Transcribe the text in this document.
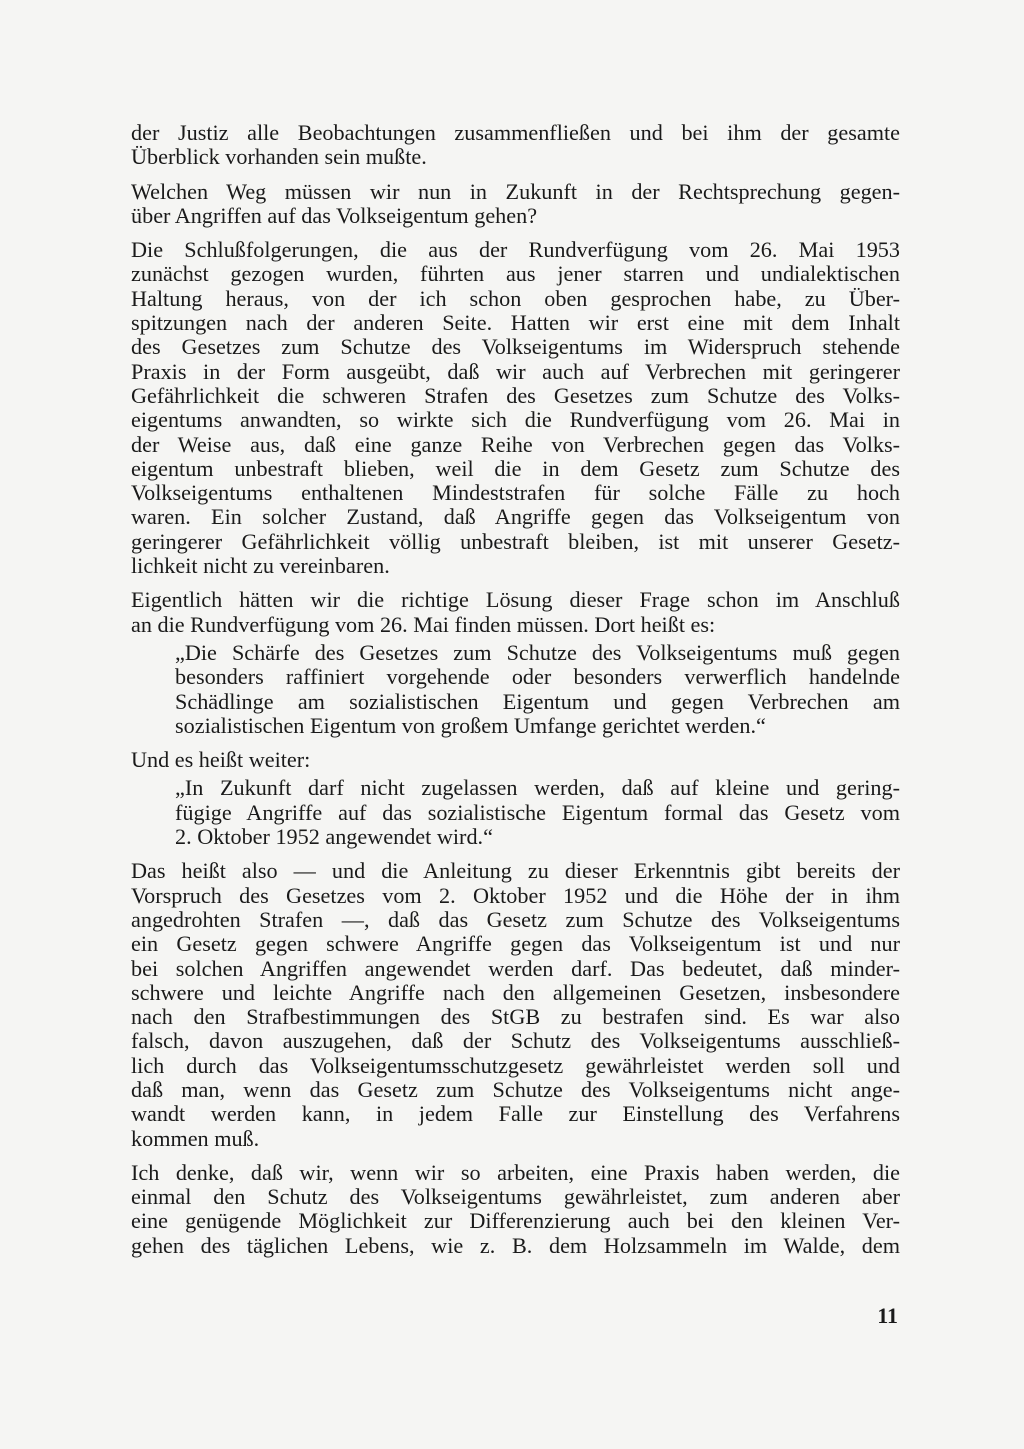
der Justiz alle Beobachtungen zusammenfließen und bei ihm der gesamte
Überblick vorhanden sein mußte.
Welchen Weg müssen wir nun in Zukunft in der Rechtsprechung gegen-
über Angriffen auf das Volkseigentum gehen?
Die Schlußfolgerungen, die aus der Rundverfügung vom 26. Mai 1953
zunächst gezogen wurden, führten aus jener starren und undialektischen
Haltung heraus, von der ich schon oben gesprochen habe, zu Über-
spitzungen nach der anderen Seite. Hatten wir erst eine mit dem Inhalt
des Gesetzes zum Schutze des Volkseigentums im Widerspruch stehende
Praxis in der Form ausgeübt, daß wir auch auf Verbrechen mit geringerer
Gefährlichkeit die schweren Strafen des Gesetzes zum Schutze des Volks-
eigentums anwandten, so wirkte sich die Rundverfügung vom 26. Mai in
der Weise aus, daß eine ganze Reihe von Verbrechen gegen das Volks-
eigentum unbestraft blieben, weil die in dem Gesetz zum Schutze des
Volkseigentums enthaltenen Mindeststrafen für solche Fälle zu hoch
waren. Ein solcher Zustand, daß Angriffe gegen das Volkseigentum von
geringerer Gefährlichkeit völlig unbestraft bleiben, ist mit unserer Gesetz-
lichkeit nicht zu vereinbaren.
Eigentlich hätten wir die richtige Lösung dieser Frage schon im Anschluß
an die Rundverfügung vom 26. Mai finden müssen. Dort heißt es:
„Die Schärfe des Gesetzes zum Schutze des Volkseigentums muß gegen
besonders raffiniert vorgehende oder besonders verwerflich handelnde
Schädlinge am sozialistischen Eigentum und gegen Verbrechen am
sozialistischen Eigentum von großem Umfange gerichtet werden.“
Und es heißt weiter:
„In Zukunft darf nicht zugelassen werden, daß auf kleine und gering-
fügige Angriffe auf das sozialistische Eigentum formal das Gesetz vom
2. Oktober 1952 angewendet wird.“
Das heißt also — und die Anleitung zu dieser Erkenntnis gibt bereits der
Vorspruch des Gesetzes vom 2. Oktober 1952 und die Höhe der in ihm
angedrohten Strafen —, daß das Gesetz zum Schutze des Volkseigentums
ein Gesetz gegen schwere Angriffe gegen das Volkseigentum ist und nur
bei solchen Angriffen angewendet werden darf. Das bedeutet, daß minder-
schwere und leichte Angriffe nach den allgemeinen Gesetzen, insbesondere
nach den Strafbestimmungen des StGB zu bestrafen sind. Es war also
falsch, davon auszugehen, daß der Schutz des Volkseigentums ausschließ-
lich durch das Volkseigentumsschutzgesetz gewährleistet werden soll und
daß man, wenn das Gesetz zum Schutze des Volkseigentums nicht ange-
wandt werden kann, in jedem Falle zur Einstellung des Verfahrens
kommen muß.
Ich denke, daß wir, wenn wir so arbeiten, eine Praxis haben werden, die
einmal den Schutz des Volkseigentums gewährleistet, zum anderen aber
eine genügende Möglichkeit zur Differenzierung auch bei den kleinen Ver-
gehen des täglichen Lebens, wie z. B. dem Holzsammeln im Walde, dem
11
